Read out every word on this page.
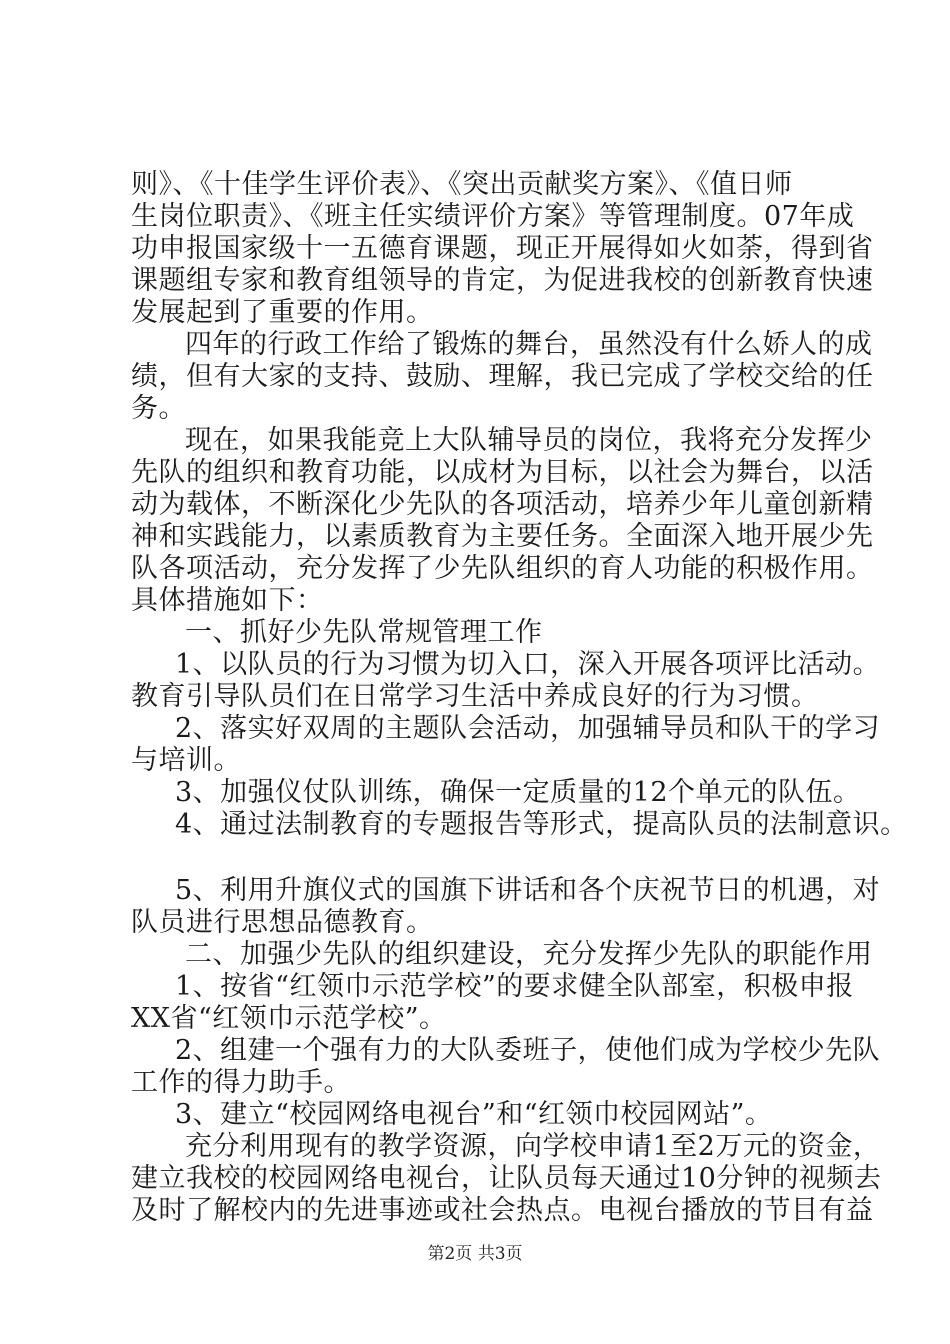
则》、《十佳学生评价表》、《突出贡献奖方案》、《值日师
生岗位职责》、《班主任实绩评价方案》等管理制度。07年成
功申报国家级十一五德育课题，现正开展得如火如荼，得到省
课题组专家和教育组领导的肯定，为促进我校的创新教育快速
发展起到了重要的作用。
四年的行政工作给了锻炼的舞台，虽然没有什么娇人的成
绩，但有大家的支持、鼓励、理解，我已完成了学校交给的任
务。
现在，如果我能竞上大队辅导员的岗位，我将充分发挥少
先队的组织和教育功能，以成材为目标，以社会为舞台，以活
动为载体，不断深化少先队的各项活动，培养少年儿童创新精
神和实践能力，以素质教育为主要任务。全面深入地开展少先
队各项活动，充分发挥了少先队组织的育人功能的积极作用。
具体措施如下：
一、抓好少先队常规管理工作
1、以队员的行为习惯为切入口，深入开展各项评比活动。
教育引导队员们在日常学习生活中养成良好的行为习惯。
2、落实好双周的主题队会活动，加强辅导员和队干的学习
与培训。
3、加强仪仗队训练，确保一定质量的12个单元的队伍。
4、通过法制教育的专题报告等形式，提高队员的法制意识。
5、利用升旗仪式的国旗下讲话和各个庆祝节日的机遇，对
队员进行思想品德教育。
二、加强少先队的组织建设，充分发挥少先队的职能作用
1、按省“红领巾示范学校”的要求健全队部室，积极申报
XX省“红领巾示范学校”。
2、组建一个强有力的大队委班子，使他们成为学校少先队
工作的得力助手。
3、建立“校园网络电视台”和“红领巾校园网站”。
充分利用现有的教学资源，向学校申请1至2万元的资金，
建立我校的校园网络电视台，让队员每天通过10分钟的视频去
及时了解校内的先进事迹或社会热点。电视台播放的节目有益
第2页 共3页
